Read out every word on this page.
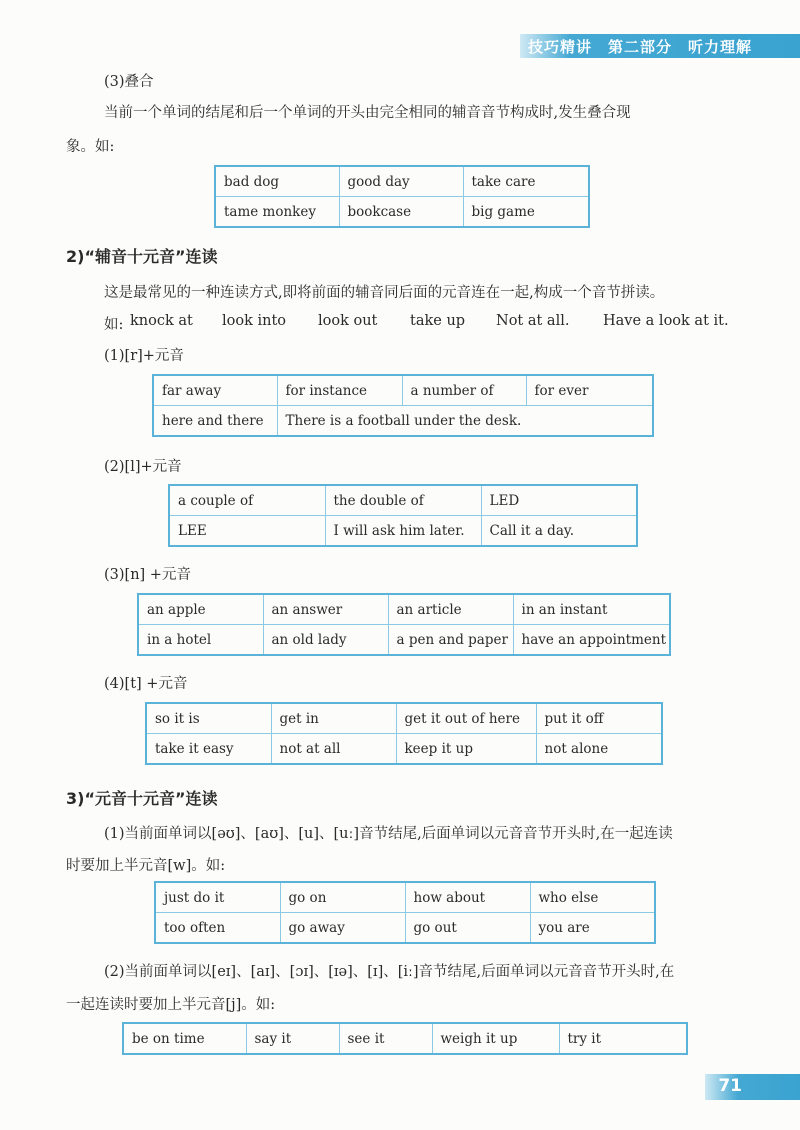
技巧精讲　第二部分　听力理解
(3)叠合
当前一个单词的结尾和后一个单词的开头由完全相同的辅音音节构成时,发生叠合现
象。如:
bad dog	good day	take care
tame monkey	bookcase	big game
2)“辅音十元音”连读
这是最常见的一种连读方式,即将前面的辅音同后面的元音连在一起,构成一个音节拼读。
如: knock at look into look out take up Not at all. Have a look at it.
(1)[r]+元音
far away	for instance	a number of	for ever
here and there	There is a football under the desk.		
(2)[l]+元音
a couple of	the double of	LED
LEE	I will ask him later.	Call it a day.
(3)[n] +元音
an apple	an answer	an article	in an instant
in a hotel	an old lady	a pen and paper	have an appointment
(4)[t] +元音
so it is	get in	get it out of here	put it off
take it easy	not at all	keep it up	not alone
3)“元音十元音”连读
(1)当前面单词以[əʊ]、[aʊ]、[u]、[uː]音节结尾,后面单词以元音音节开头时,在一起连读
时要加上半元音[w]。如:
just do it	go on	how about	who else
too often	go away	go out	you are
(2)当前面单词以[eɪ]、[aɪ]、[ɔɪ]、[ɪə]、[ɪ]、[iː]音节结尾,后面单词以元音音节开头时,在
一起连读时要加上半元音[j]。如:
be on time	say it	see it	weigh it up	try it
71
